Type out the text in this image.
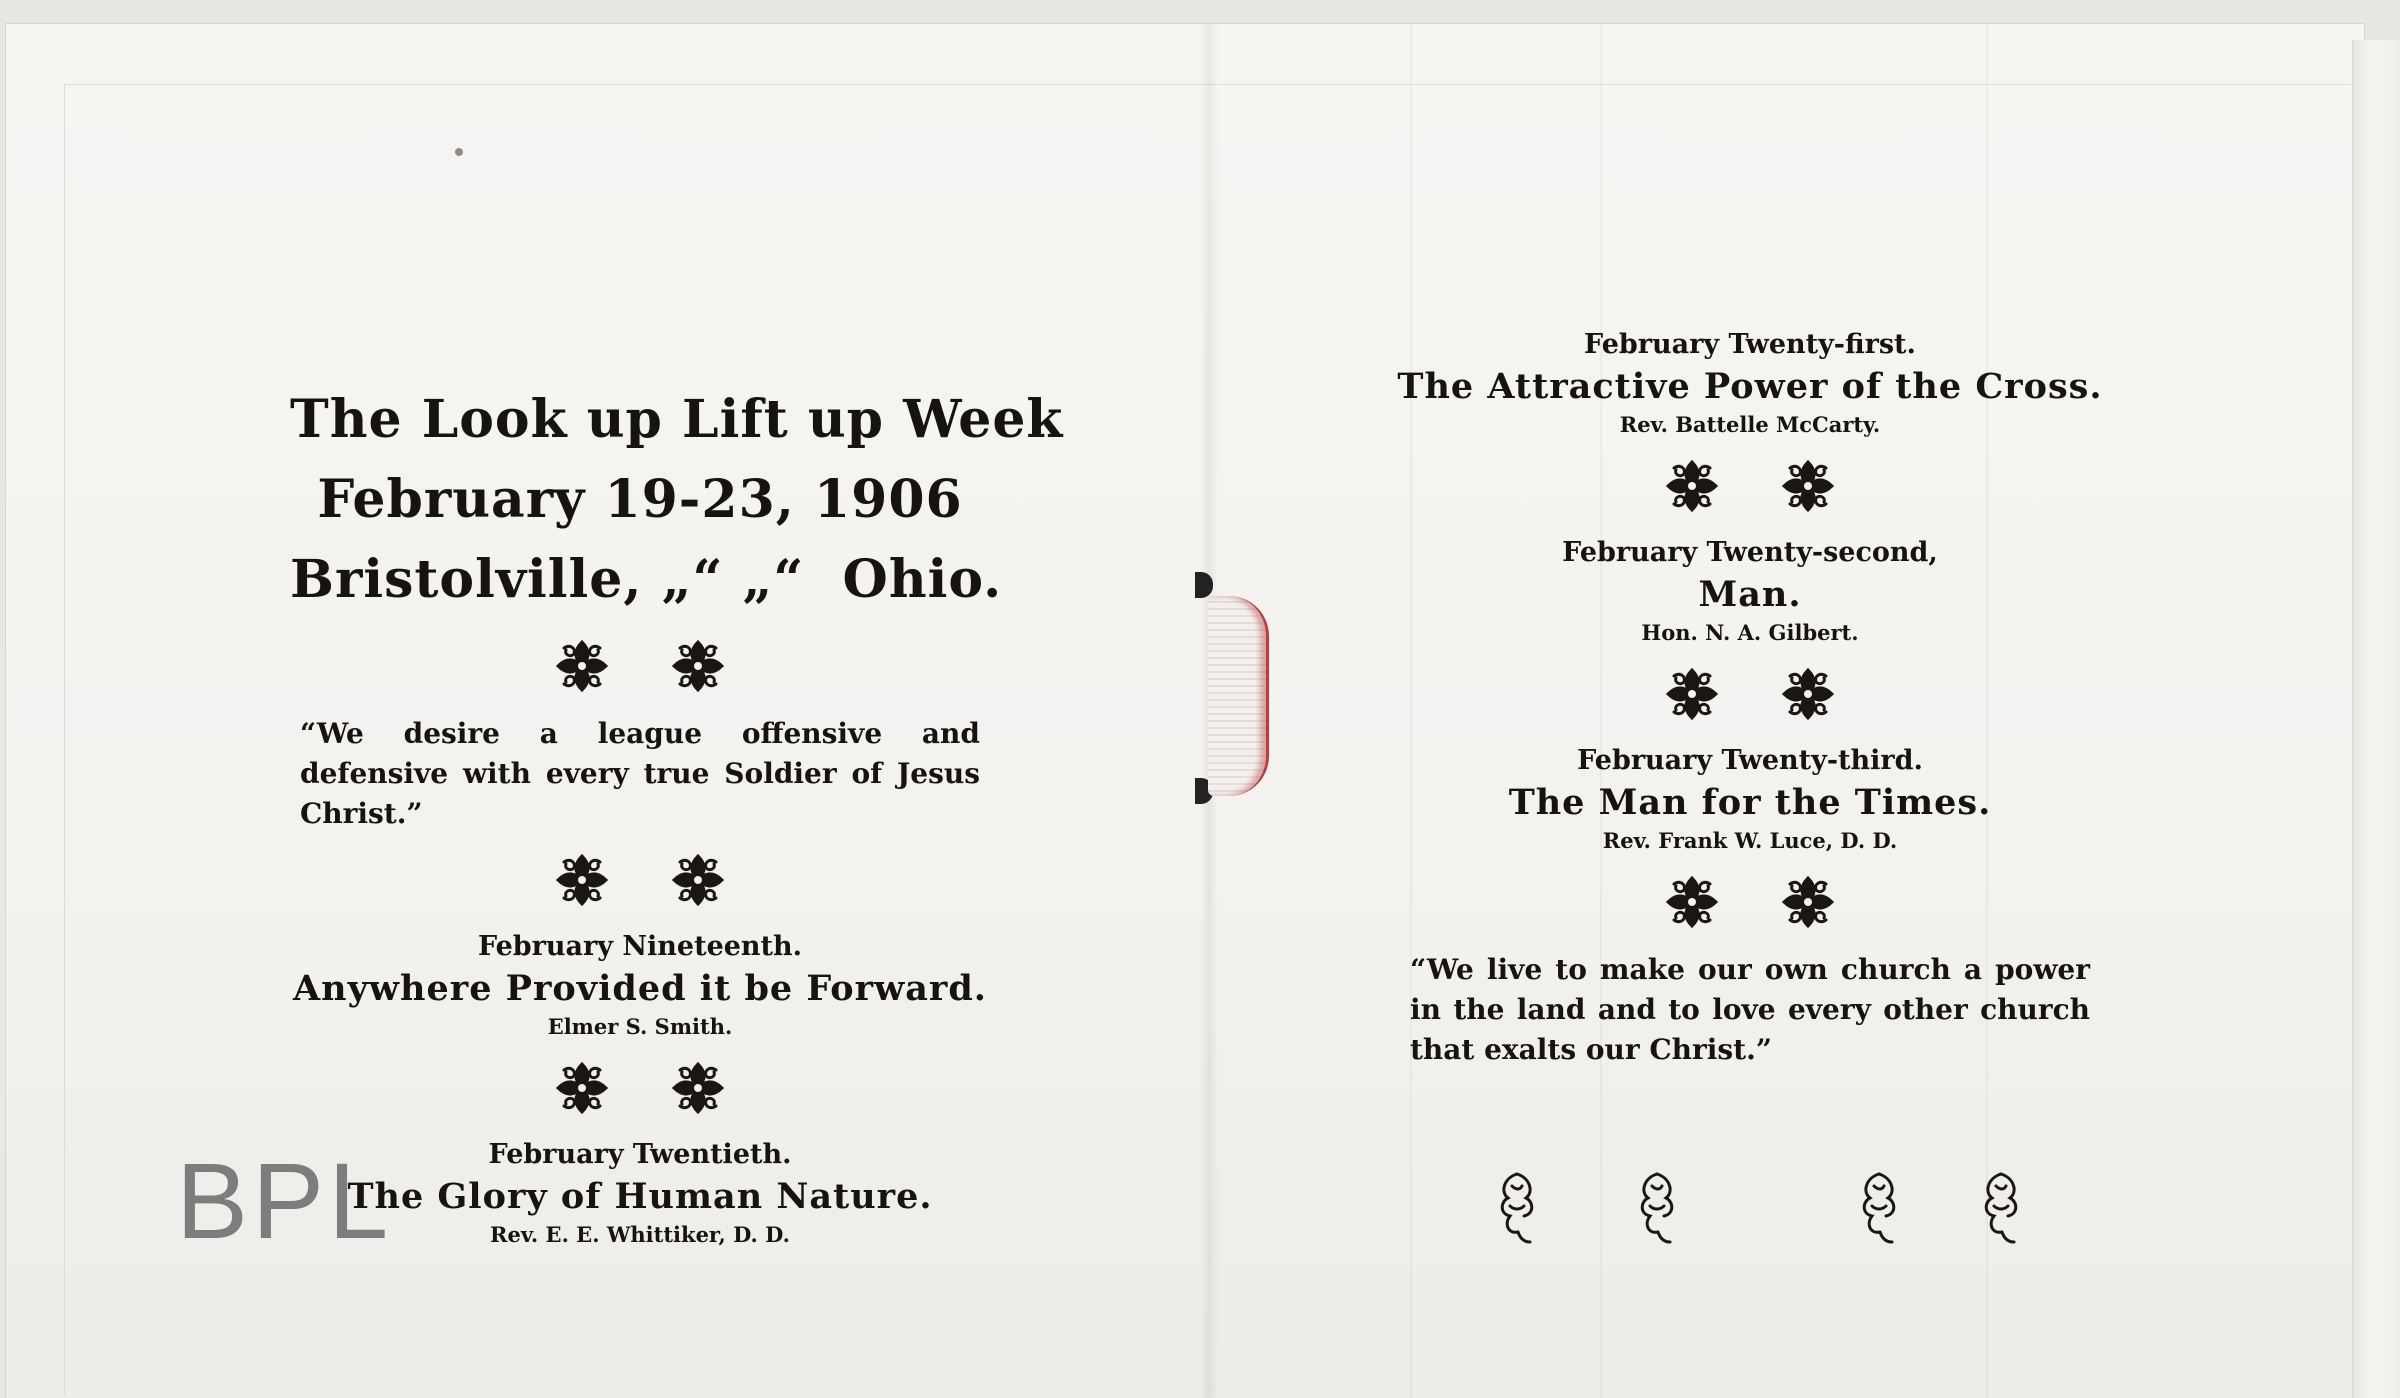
The Look up Lift up Week
February 19-23, 1906
Bristolville, „“ „“  Ohio.
“We desire a league offensive and defensive with every true Soldier of Jesus Christ.”
February Nineteenth.
Anywhere Provided it be Forward.
Elmer S. Smith.
February Twentieth.
The Glory of Human Nature.
Rev. E. E. Whittiker, D. D.
February Twenty-first.
The Attractive Power of the Cross.
Rev. Battelle McCarty.
February Twenty-second,
Man.
Hon. N. A. Gilbert.
February Twenty-third.
The Man for the Times.
Rev. Frank W. Luce, D. D.
“We live to make our own church a power in the land and to love every other church that exalts our Christ.”
BPL
